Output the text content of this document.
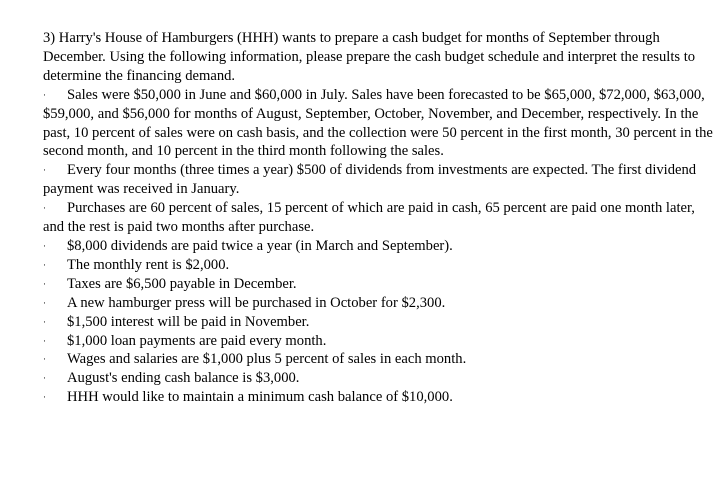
3) Harry's House of Hamburgers (HHH) wants to prepare a cash budget for months of September through December. Using the following information, please prepare the cash budget schedule and interpret the results to determine the financing demand.

·	Sales were $50,000 in June and $60,000 in July. Sales have been forecasted to be $65,000, $72,000, $63,000, $59,000, and $56,000 for months of August, September, October, November, and December, respectively. In the past, 10 percent of sales were on cash basis, and the collection were 50 percent in the first month, 30 percent in the second month, and 10 percent in the third month following the sales.

·	Every four months (three times a year) $500 of dividends from investments are expected. The first dividend payment was received in January.

·	Purchases are 60 percent of sales, 15 percent of which are paid in cash, 65 percent are paid one month later, and the rest is paid two months after purchase.

·	$8,000 dividends are paid twice a year (in March and September).

·	The monthly rent is $2,000.

·	Taxes are $6,500 payable in December.

·	A new hamburger press will be purchased in October for $2,300.

·	$1,500 interest will be paid in November.

·	$1,000 loan payments are paid every month.

·	Wages and salaries are $1,000 plus 5 percent of sales in each month.

·	August's ending cash balance is $3,000.

·	HHH would like to maintain a minimum cash balance of $10,000.
